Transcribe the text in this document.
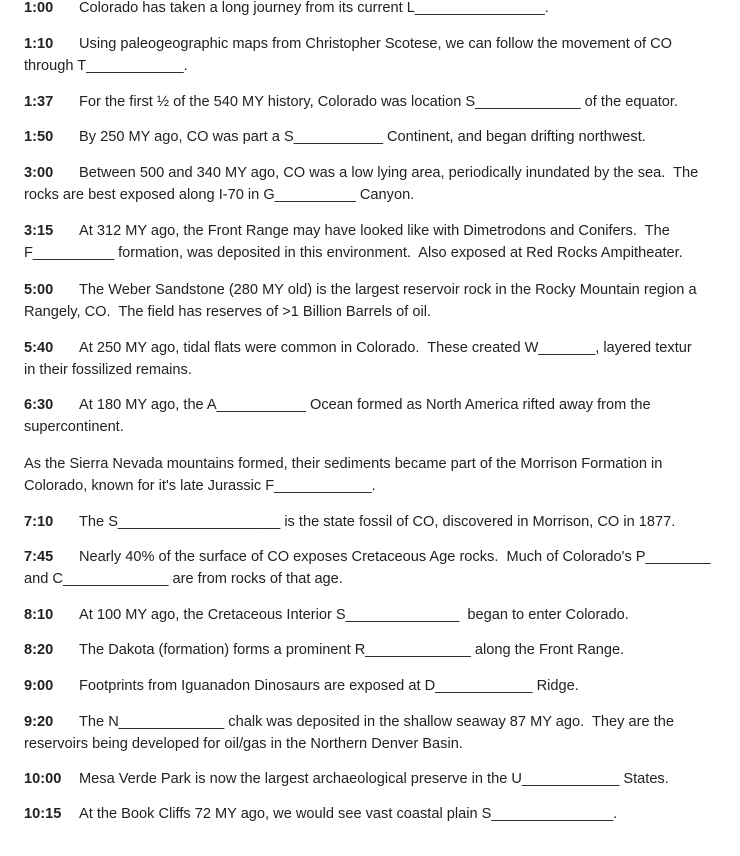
1:00 Colorado has taken a long journey from its current L________________.
1:10 Using paleogeographic maps from Christopher Scotese, we can follow the movement of CO
through T____________.
1:37 For the first ½ of the 540 MY history, Colorado was location S_____________ of the equator.
1:50 By 250 MY ago, CO was part a S___________ Continent, and began drifting northwest.
3:00 Between 500 and 340 MY ago, CO was a low lying area, periodically inundated by the sea.  The
rocks are best exposed along I-70 in G__________ Canyon.
3:15 At 312 MY ago, the Front Range may have looked like with Dimetrodons and Conifers.  The
F__________ formation, was deposited in this environment.  Also exposed at Red Rocks Ampitheater.
5:00 The Weber Sandstone (280 MY old) is the largest reservoir rock in the Rocky Mountain region a
Rangely, CO.  The field has reserves of >1 Billion Barrels of oil.
5:40 At 250 MY ago, tidal flats were common in Colorado.  These created W_______, layered textur
in their fossilized remains.
6:30 At 180 MY ago, the A___________ Ocean formed as North America rifted away from the
supercontinent.
As the Sierra Nevada mountains formed, their sediments became part of the Morrison Formation in
Colorado, known for it's late Jurassic F____________.
7:10 The S____________________ is the state fossil of CO, discovered in Morrison, CO in 1877.
7:45 Nearly 40% of the surface of CO exposes Cretaceous Age rocks.  Much of Colorado's P________
and C_____________ are from rocks of that age.
8:10 At 100 MY ago, the Cretaceous Interior S______________  began to enter Colorado.
8:20 The Dakota (formation) forms a prominent R_____________ along the Front Range.
9:00 Footprints from Iguanadon Dinosaurs are exposed at D____________ Ridge.
9:20 The N_____________ chalk was deposited in the shallow seaway 87 MY ago.  They are the
reservoirs being developed for oil/gas in the Northern Denver Basin.
10:00 Mesa Verde Park is now the largest archaeological preserve in the U____________ States.
10:15 At the Book Cliffs 72 MY ago, we would see vast coastal plain S_______________.
